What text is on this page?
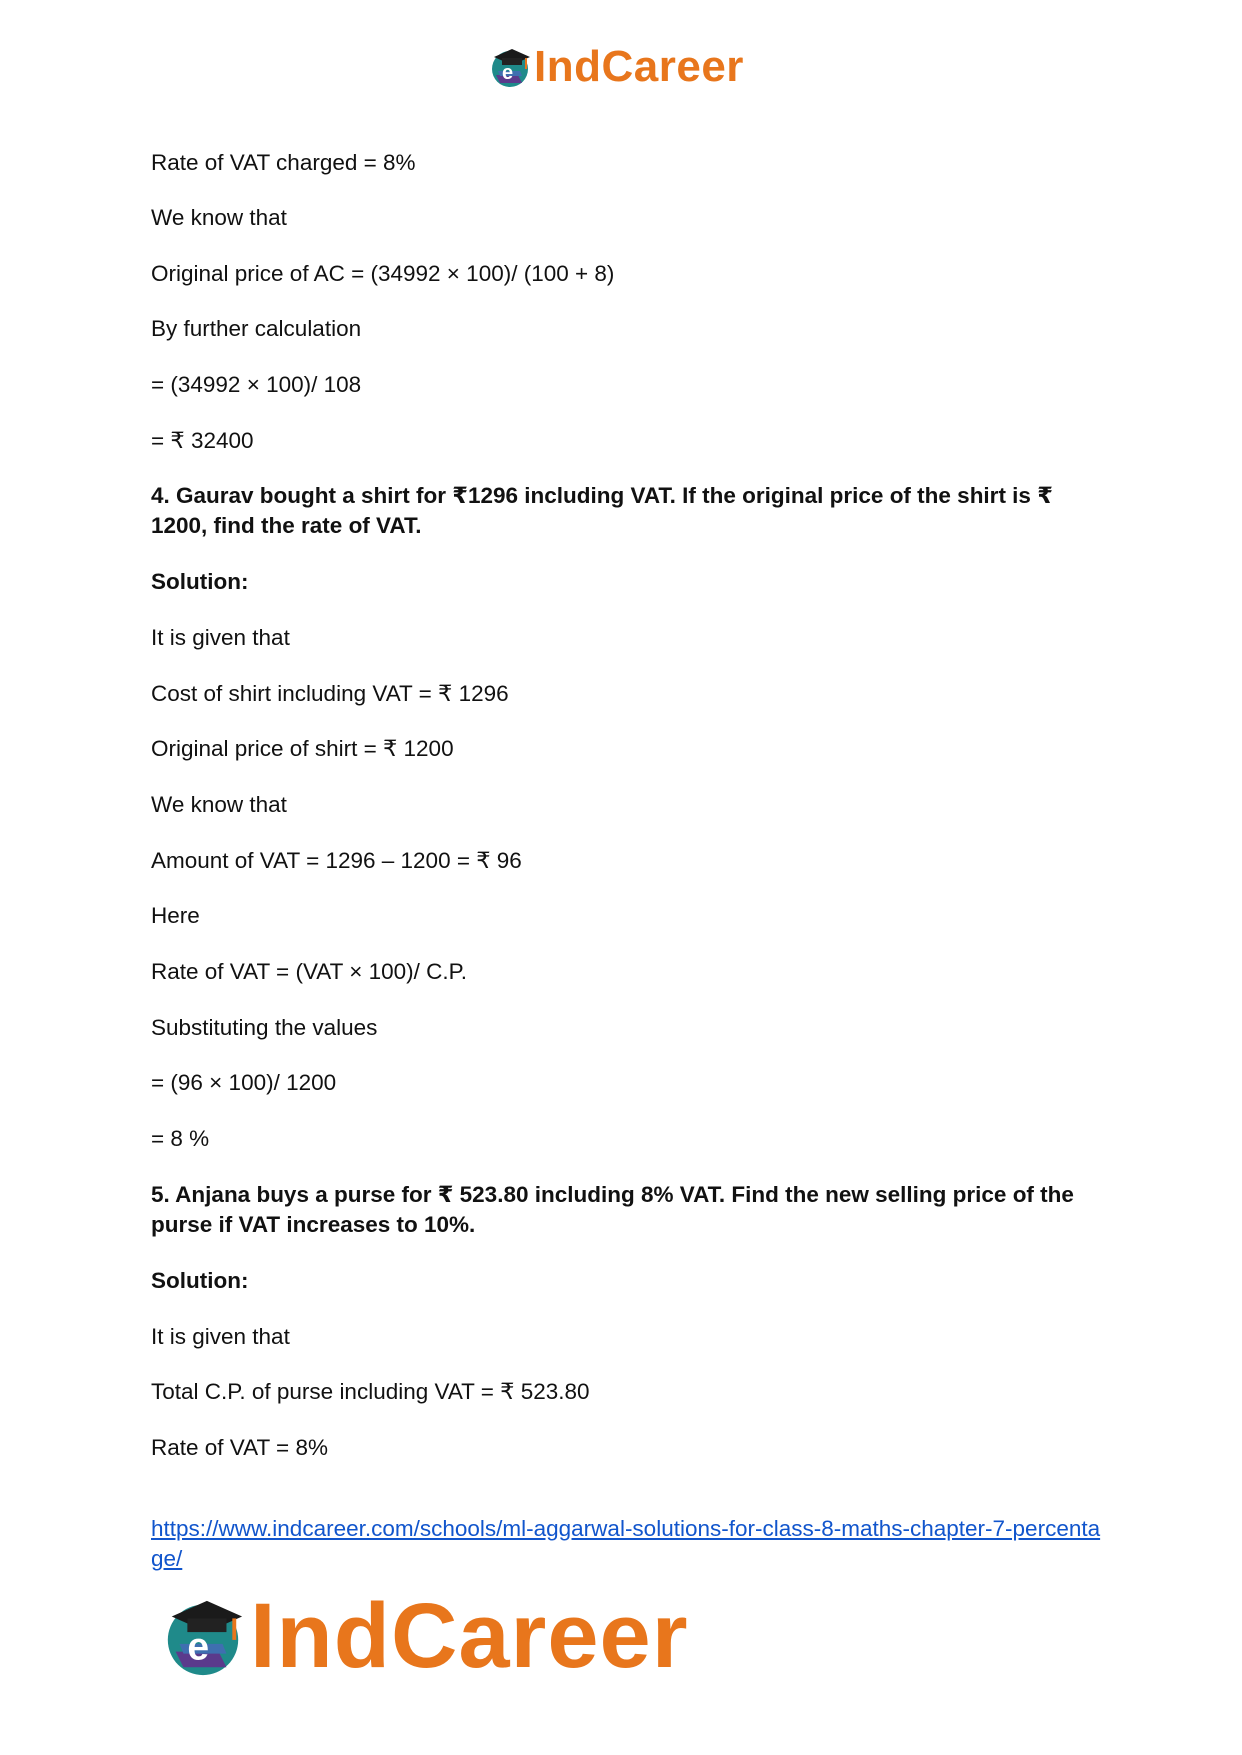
e IndCareer
Rate of VAT charged = 8%
We know that
Original price of AC = (34992 × 100)/ (100 + 8)
By further calculation
= (34992 × 100)/ 108
= ₹ 32400
4. Gaurav bought a shirt for ₹1296 including VAT. If the original price of the shirt is ₹ 1200, find the rate of VAT.
Solution:
It is given that
Cost of shirt including VAT = ₹ 1296
Original price of shirt = ₹ 1200
We know that
Amount of VAT = 1296 – 1200 = ₹ 96
Here
Rate of VAT = (VAT × 100)/ C.P.
Substituting the values
= (96 × 100)/ 1200
= 8 %
5. Anjana buys a purse for ₹ 523.80 including 8% VAT. Find the new selling price of the purse if VAT increases to 10%.
Solution:
It is given that
Total C.P. of purse including VAT = ₹ 523.80
Rate of VAT = 8%
https://www.indcareer.com/schools/ml-aggarwal-solutions-for-class-8-maths-chapter-7-percentage/
e IndCareer
